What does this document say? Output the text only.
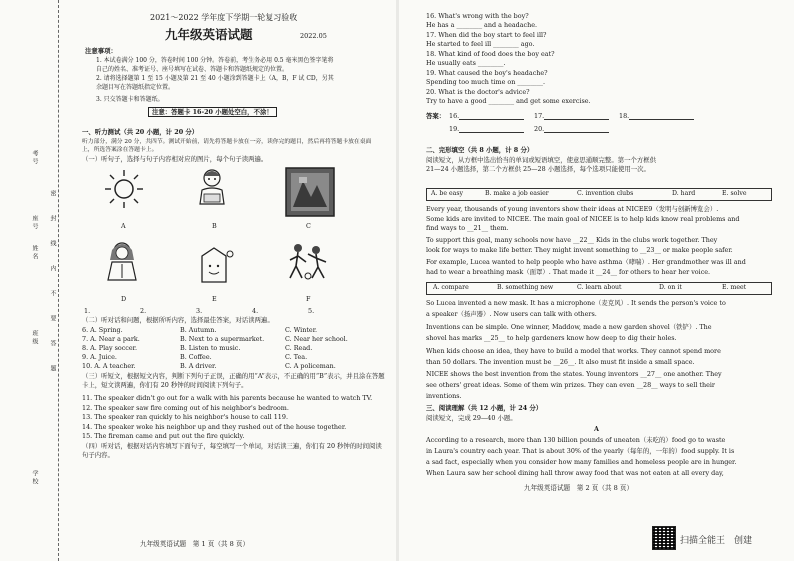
考号
座号
姓名
班级
学校
密
封
线
内
不
要
答
题
2021～2022 学年度下学期一轮复习验收
九年级英语试题	2022.05
注意事项：
1. 本试卷满分 100 分，答卷时间 100 分钟。答卷前，考生务必用 0.5 毫米黑色签字笔将
自己的姓名、准考证号、座号填写在试卷、答题卡和答题纸规定的位置。
2. 请将选择题第 1 至 15 小题及第 21 至 40 小题涂到答题卡上（A，B，F 试 CD，另其
余题目写在答题纸指定位置。
3. 只交答题卡和答题纸。
注意：答题卡 16-20 小题处空白，不涂！
一、听力测试（共 20 小题，计 20 分）
听力部分，满分 20 分，共四节。测试开始前，请先将答题卡放在一旁，读你完的题目，然后再将答题卡放在桌面上，所选答案涂在答题卡上。
（一）听句子，选择与句子内容相对应的图片，每个句子读两遍。
A	B	C
D	E	F
1.	2.	3.	4.	5.
（二）听对话和问题，根据所听内容，选择最佳答案，对话读两遍。
6. A. Spring.	B. Autumn.	C. Winter.
7. A. Near a park.	B. Next to a supermarket.	C. Near her school.
8. A. Play soccer.	B. Listen to music.	C. Read.
9. A. Juice.	B. Coffee.	C. Tea.
10. A. A teacher.	B. A driver.	C. A policeman.
（三）听短文，根据短文内容，判断下列句子正误，正确的用“A”表示，不正确的用“B”表示，并且涂在答题卡上，短文读两遍，你们有 20 秒钟的时间阅读下列句子。
11. The speaker didn't go out for a walk with his parents because he wanted to watch TV.
12. The speaker saw fire coming out of his neighbor's bedroom.
13. The speaker ran quickly to his neighbor's house to call 119.
14. The speaker woke his neighbor up and they rushed out of the house together.
15. The fireman came and put out the fire quickly.
（四）听对话，根据对话内容填写下面句子，每空填写一个单词，对话读三遍，你们有 20 秒钟的时间阅读句子内容。
九年级英语试题　第 1 页（共 8 页）
16. What's wrong with the boy?
He has a ________ and a headache.
17. When did the boy start to feel ill?
He started to feel ill ________ ago.
18. What kind of food does the boy eat?
He usually eats ________.
19. What caused the boy's headache?
Spending too much time on ________.
20. What is the doctor's advice?
Try to have a good ________ and get some exercise.
答案： 16.	17.	18.
19.	20.
二、完形填空（共 8 小题，计 8 分）
阅读短文，从方框中选出恰当的单词或短语填空，使意思通顺完整。第一个方框供
21—24 小题选择，第二个方框供 25—28 小题选择，每个选项只能使用一次。
A. be easy	B. make a job easier	C. invention clubs	D. hard	E. solve
Every year, thousands of young inventors show their ideas at NICEE9（发明与创新博览会）.
Some kids are invited to NICEE. The main goal of NICEE is to help kids know real problems and
find ways to __21__ them.
To support this goal, many schools now have __22__ Kids in the clubs work together. They
look for ways to make life better. They might invent something to __23__ or make people safer.
For example, Lucea wanted to help people who have asthma（哮喘）. Her grandmother was ill and
had to wear a breathing mask（面罩）. That made it __24__ for others to hear her voice.
A. compare	B. something new	C. learn about	D. on it	E. meet
So Lucea invented a new mask. It has a microphone（麦克风）. It sends the person's voice to
a speaker（扬声器）. Now users can talk with others.
Inventions can be simple. One winner, Maddow, made a new garden shovel（铁铲）. The
shovel has marks __25__ to help gardeners know how deep to dig their holes.
When kids choose an idea, they have to build a model that works. They cannot spend more
than 50 dollars. The invention must be __26__. It also must fit inside a small space.
NICEE shows the best invention from the states. Young inventors __27__ one another. They
see others' great ideas. Some of them win prizes. They can even __28__ ways to sell their
inventions.
三、阅读理解（共 12 小题，计 24 分）
阅读短文，完成 29—40 小题。
A
According to a research, more than 130 billion pounds of uneaten（未吃的）food go to waste
in Laura's country each year. That is about 30% of the yearly（每年的，一年的）food supply. It is
a sad fact, especially when you consider how many families and homeless people are in hunger.
When Laura saw her school dining hall throw away food that was not eaten at all every day,
九年级英语试题　第 2 页（共 8 页）
扫描全能王　创建
